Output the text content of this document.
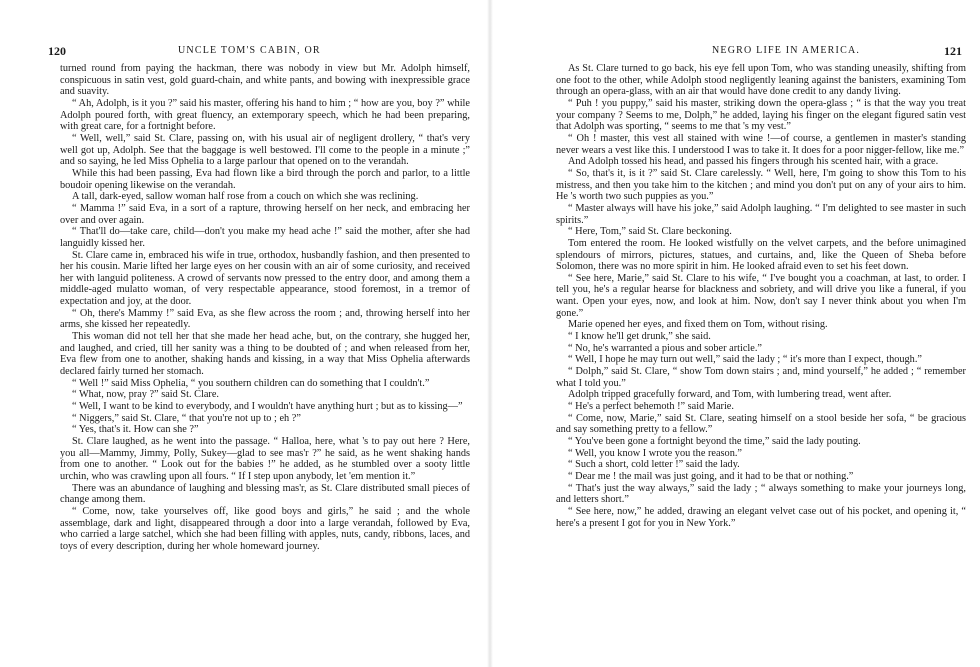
120	UNCLE TOM'S CABIN, OR

turned round from paying the hackman, there was nobody in view but Mr. Adolph himself, conspicuous in satin vest, gold guard-chain, and white pants, and bowing with inexpressible grace and suavity.

“ Ah, Adolph, is it you ?” said his master, offering his hand to him ; “ how are you, boy ?” while Adolph poured forth, with great fluency, an extemporary speech, which he had been preparing, with great care, for a fortnight before.

“ Well, well,” said St. Clare, passing on, with his usual air of negligent drollery, “ that's very well got up, Adolph. See that the baggage is well bestowed. I'll come to the people in a minute ;” and so saying, he led Miss Ophelia to a large parlour that opened on to the verandah.

While this had been passing, Eva had flown like a bird through the porch and parlor, to a little boudoir opening likewise on the verandah.

A tall, dark-eyed, sallow woman half rose from a couch on which she was reclining.

“ Mamma !” said Eva, in a sort of a rapture, throwing herself on her neck, and embracing her over and over again.

“ That'll do—take care, child—don't you make my head ache !” said the mother, after she had languidly kissed her.

St. Clare came in, embraced his wife in true, orthodox, husbandly fashion, and then presented to her his cousin. Marie lifted her large eyes on her cousin with an air of some curiosity, and received her with languid politeness. A crowd of servants now pressed to the entry door, and among them a middle-aged mulatto woman, of very respectable appearance, stood foremost, in a tremor of expectation and joy, at the door.

“ Oh, there's Mammy !” said Eva, as she flew across the room ; and, throwing herself into her arms, she kissed her repeatedly.

This woman did not tell her that she made her head ache, but, on the contrary, she hugged her, and laughed, and cried, till her sanity was a thing to be doubted of ; and when released from her, Eva flew from one to another, shaking hands and kissing, in a way that Miss Ophelia afterwards declared fairly turned her stomach.

“ Well !” said Miss Ophelia, “ you southern children can do something that I couldn't.”

“ What, now, pray ?” said St. Clare.

“ Well, I want to be kind to everybody, and I wouldn't have anything hurt ; but as to kissing—”

“ Niggers,” said St. Clare, “ that you're not up to ; eh ?”

“ Yes, that's it. How can she ?”

St. Clare laughed, as he went into the passage. “ Halloa, here, what 's to pay out here ? Here, you all—Mammy, Jimmy, Polly, Sukey—glad to see mas'r ?” he said, as he went shaking hands from one to another. “ Look out for the babies !” he added, as he stumbled over a sooty little urchin, who was crawling upon all fours. “ If I step upon anybody, let 'em mention it.”

There was an abundance of laughing and blessing mas'r, as St. Clare distributed small pieces of change among them.

“ Come, now, take yourselves off, like good boys and girls,” he said ; and the whole assemblage, dark and light, disappeared through a door into a large verandah, followed by Eva, who carried a large satchel, which she had been filling with apples, nuts, candy, ribbons, laces, and toys of every description, during her whole homeward journey.

NEGRO LIFE IN AMERICA.	121

As St. Clare turned to go back, his eye fell upon Tom, who was standing uneasily, shifting from one foot to the other, while Adolph stood negligently leaning against the banisters, examining Tom through an opera-glass, with an air that would have done credit to any dandy living.

“ Puh ! you puppy,” said his master, striking down the opera-glass ; “ is that the way you treat your company ? Seems to me, Dolph,” he added, laying his finger on the elegant figured satin vest that Adolph was sporting, “ seems to me that 's my vest.”

“ Oh ! master, this vest all stained with wine !—of course, a gentlemen in master's standing never wears a vest like this. I understood I was to take it. It does for a poor nigger-fellow, like me.”

And Adolph tossed his head, and passed his fingers through his scented hair, with a grace.

“ So, that's it, is it ?” said St. Clare carelessly. “ Well, here, I'm going to show this Tom to his mistress, and then you take him to the kitchen ; and mind you don't put on any of your airs to him. He 's worth two such puppies as you.”

“ Master always will have his joke,” said Adolph laughing. “ I'm delighted to see master in such spirits.”

“ Here, Tom,” said St. Clare beckoning.

Tom entered the room. He looked wistfully on the velvet carpets, and the before unimagined splendours of mirrors, pictures, statues, and curtains, and, like the Queen of Sheba before Solomon, there was no more spirit in him. He looked afraid even to set his feet down.

“ See here, Marie,” said St. Clare to his wife, “ I've bought you a coachman, at last, to order. I tell you, he's a regular hearse for blackness and sobriety, and will drive you like a funeral, if you want. Open your eyes, now, and look at him. Now, don't say I never think about you when I'm gone.”

Marie opened her eyes, and fixed them on Tom, without rising.

“ I know he'll get drunk,” she said.

“ No, he's warranted a pious and sober article.”

“ Well, I hope he may turn out well,” said the lady ; “ it's more than I expect, though.”

“ Dolph,” said St. Clare, “ show Tom down stairs ; and, mind yourself,” he added ; “ remember what I told you.”

Adolph tripped gracefully forward, and Tom, with lumbering tread, went after.

“ He's a perfect behemoth !” said Marie.

“ Come, now, Marie,” said St. Clare, seating himself on a stool beside her sofa, “ be gracious and say something pretty to a fellow.”

“ You've been gone a fortnight beyond the time,” said the lady pouting.

“ Well, you know I wrote you the reason.”

“ Such a short, cold letter !” said the lady.

“ Dear me ! the mail was just going, and it had to be that or nothing.”

“ That's just the way always,” said the lady ; “ always something to make your journeys long, and letters short.”

“ See here, now,” he added, drawing an elegant velvet case out of his pocket, and opening it, “ here's a present I got for you in New York.”
